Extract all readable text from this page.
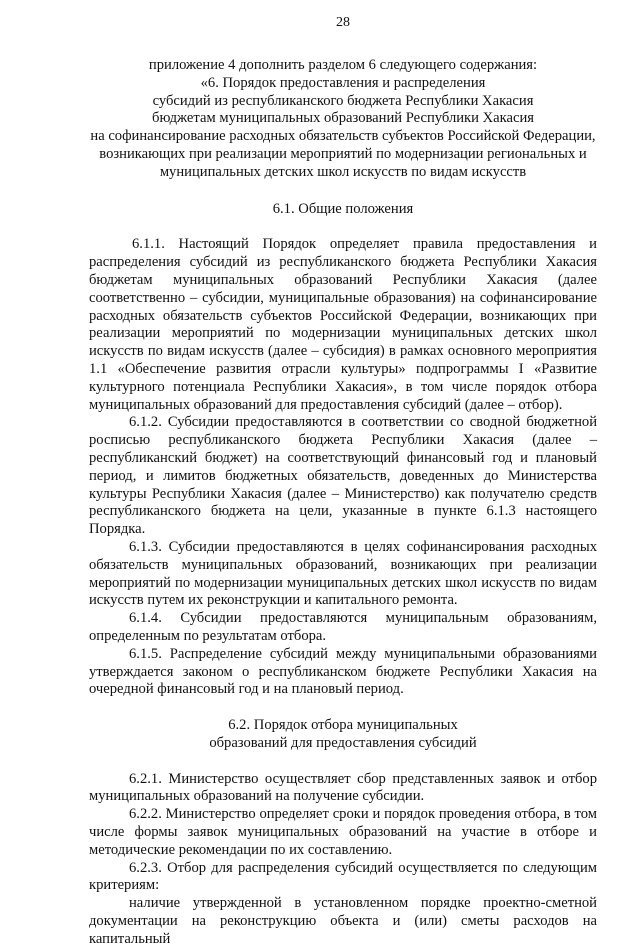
28
приложение 4 дополнить разделом 6 следующего содержания:
«6. Порядок предоставления и распределения
субсидий из республиканского бюджета Республики Хакасия
бюджетам муниципальных образований Республики Хакасия
на софинансирование расходных обязательств субъектов Российской Федерации,
возникающих при реализации мероприятий по модернизации региональных и
муниципальных детских школ искусств по видам искусств
6.1. Общие положения

6.1.1. Настоящий Порядок определяет правила предоставления и распределения субсидий из республиканского бюджета Республики Хакасия бюджетам муниципальных образований Республики Хакасия (далее соответственно – субсидии, муниципальные образования) на софинансирование расходных обязательств субъектов Российской Федерации, возникающих при реализации мероприятий по модернизации муниципальных детских школ искусств по видам искусств (далее – субсидия) в рамках основного мероприятия 1.1 «Обеспечение развития отрасли культуры» подпрограммы I «Развитие культурного потенциала Республики Хакасия», в том числе порядок отбора муниципальных образований для предоставления субсидий (далее – отбор).

6.1.2. Субсидии предоставляются в соответствии со сводной бюджетной росписью республиканского бюджета Республики Хакасия (далее – республиканский бюджет) на соответствующий финансовый год и плановый период, и лимитов бюджетных обязательств, доведенных до Министерства культуры Республики Хакасия (далее – Министерство) как получателю средств республиканского бюджета на цели, указанные в пункте 6.1.3 настоящего Порядка.

6.1.3. Субсидии предоставляются в целях софинансирования расходных обязательств муниципальных образований, возникающих при реализации мероприятий по модернизации муниципальных детских школ искусств по видам искусств путем их реконструкции и капитального ремонта.

6.1.4. Субсидии предоставляются муниципальным образованиям, определенным по результатам отбора.

6.1.5. Распределение субсидий между муниципальными образованиями утверждается законом о республиканском бюджете Республики Хакасия на очередной финансовый год и на плановый период.

6.2. Порядок отбора муниципальных
образований для предоставления субсидий

6.2.1. Министерство осуществляет сбор представленных заявок и отбор муниципальных образований на получение субсидии.

6.2.2. Министерство определяет сроки и порядок проведения отбора, в том числе формы заявок муниципальных образований на участие в отборе и методические рекомендации по их составлению.

6.2.3. Отбор для распределения субсидий осуществляется по следующим критериям:

наличие утвержденной в установленном порядке проектно-сметной документации на реконструкцию объекта и (или) сметы расходов на капитальный
